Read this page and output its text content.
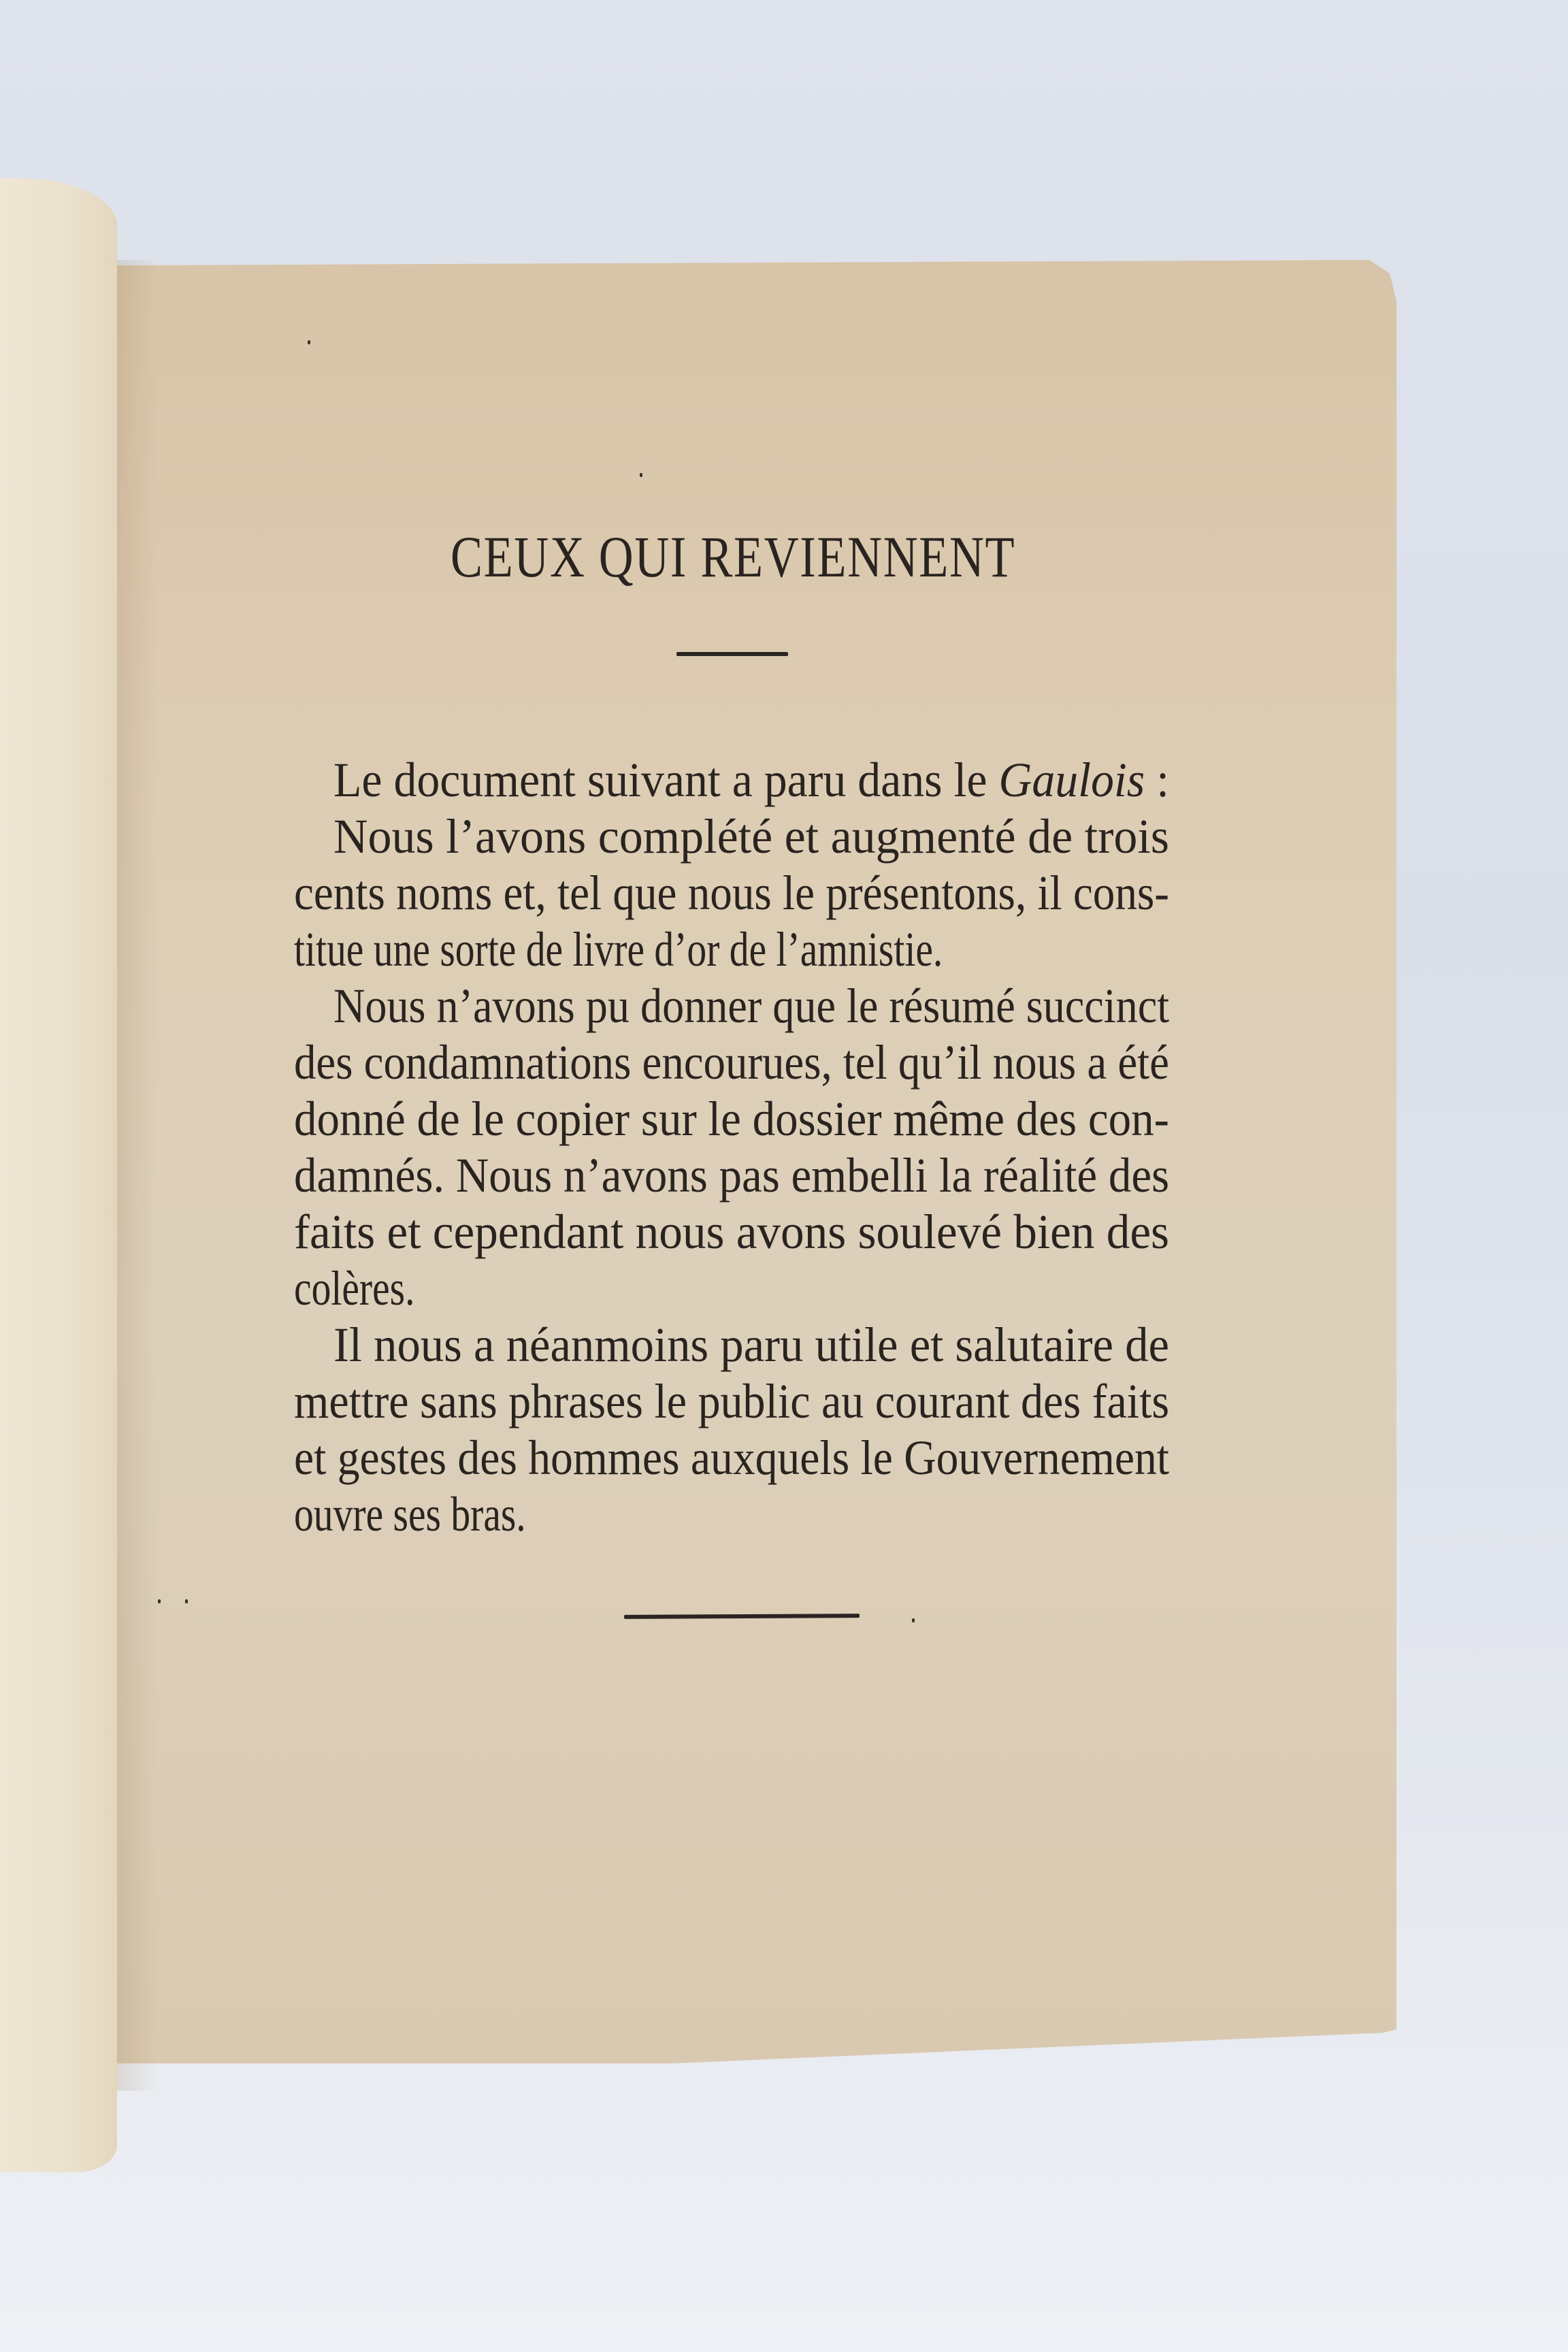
CEUX QUI REVIENNENT
Le document suivant a paru dans le Gaulois :
Nous l’avons complété et augmenté de trois
cents noms et, tel que nous le présentons, il cons-
titue une sorte de livre d’or de l’amnistie.
Nous n’avons pu donner que le résumé succinct
des condamnations encourues, tel qu’il nous a été
donné de le copier sur le dossier même des con-
damnés. Nous n’avons pas embelli la réalité des
faits et cependant nous avons soulevé bien des
colères.
Il nous a néanmoins paru utile et salutaire de
mettre sans phrases le public au courant des faits
et gestes des hommes auxquels le Gouvernement
ouvre ses bras.
